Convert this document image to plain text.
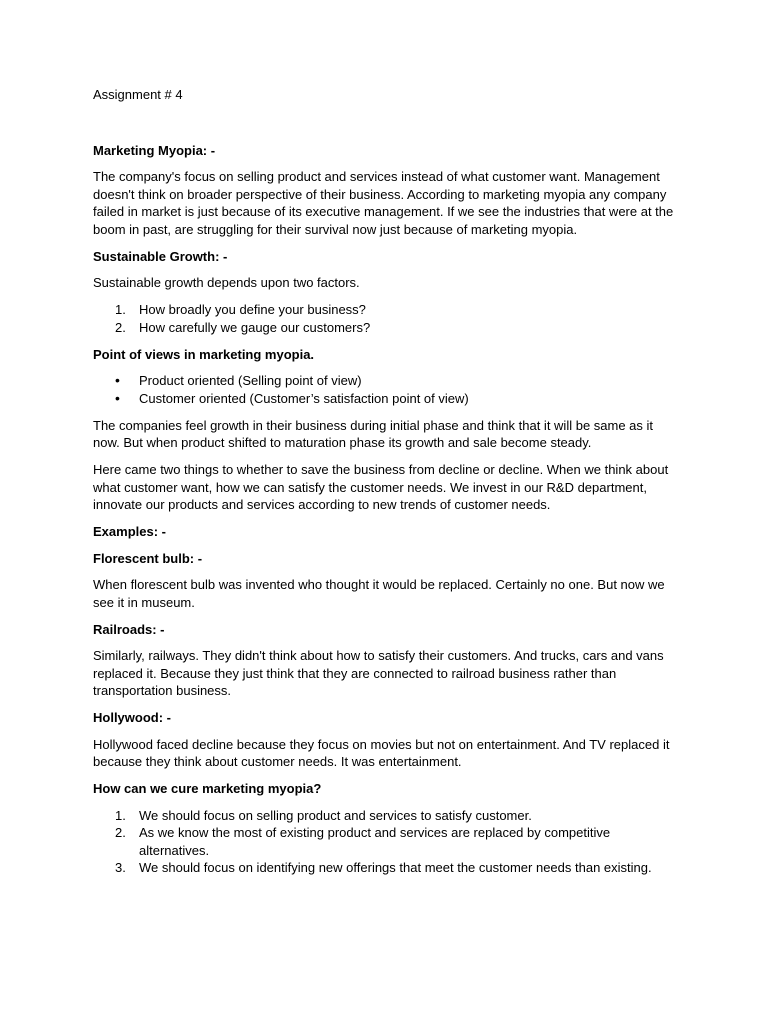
Assignment # 4

Marketing Myopia: -

The company's focus on selling product and services instead of what customer want. Management doesn't think on broader perspective of their business. According to marketing myopia any company failed in market is just because of its executive management. If we see the industries that were at the boom in past, are struggling for their survival now just because of marketing myopia.

Sustainable Growth: -

Sustainable growth depends upon two factors.

1.	How broadly you define your business?
2.	How carefully we gauge our customers?

Point of views in marketing myopia.

•	Product oriented (Selling point of view)
•	Customer oriented (Customer’s satisfaction point of view)

The companies feel growth in their business during initial phase and think that it will be same as it now. But when product shifted to maturation phase its growth and sale become steady.

Here came two things to whether to save the business from decline or decline. When we think about what customer want, how we can satisfy the customer needs. We invest in our R&D department, innovate our products and services according to new trends of customer needs.

Examples: -

Florescent bulb: -

When florescent bulb was invented who thought it would be replaced. Certainly no one. But now we see it in museum.

Railroads: -

Similarly, railways. They didn't think about how to satisfy their customers. And trucks, cars and vans replaced it. Because they just think that they are connected to railroad business rather than transportation business.

Hollywood: -

Hollywood faced decline because they focus on movies but not on entertainment. And TV replaced it because they think about customer needs. It was entertainment.

How can we cure marketing myopia?

1.	We should focus on selling product and services to satisfy customer.
2.	As we know the most of existing product and services are replaced by competitive alternatives.
3.	We should focus on identifying new offerings that meet the customer needs than existing.
